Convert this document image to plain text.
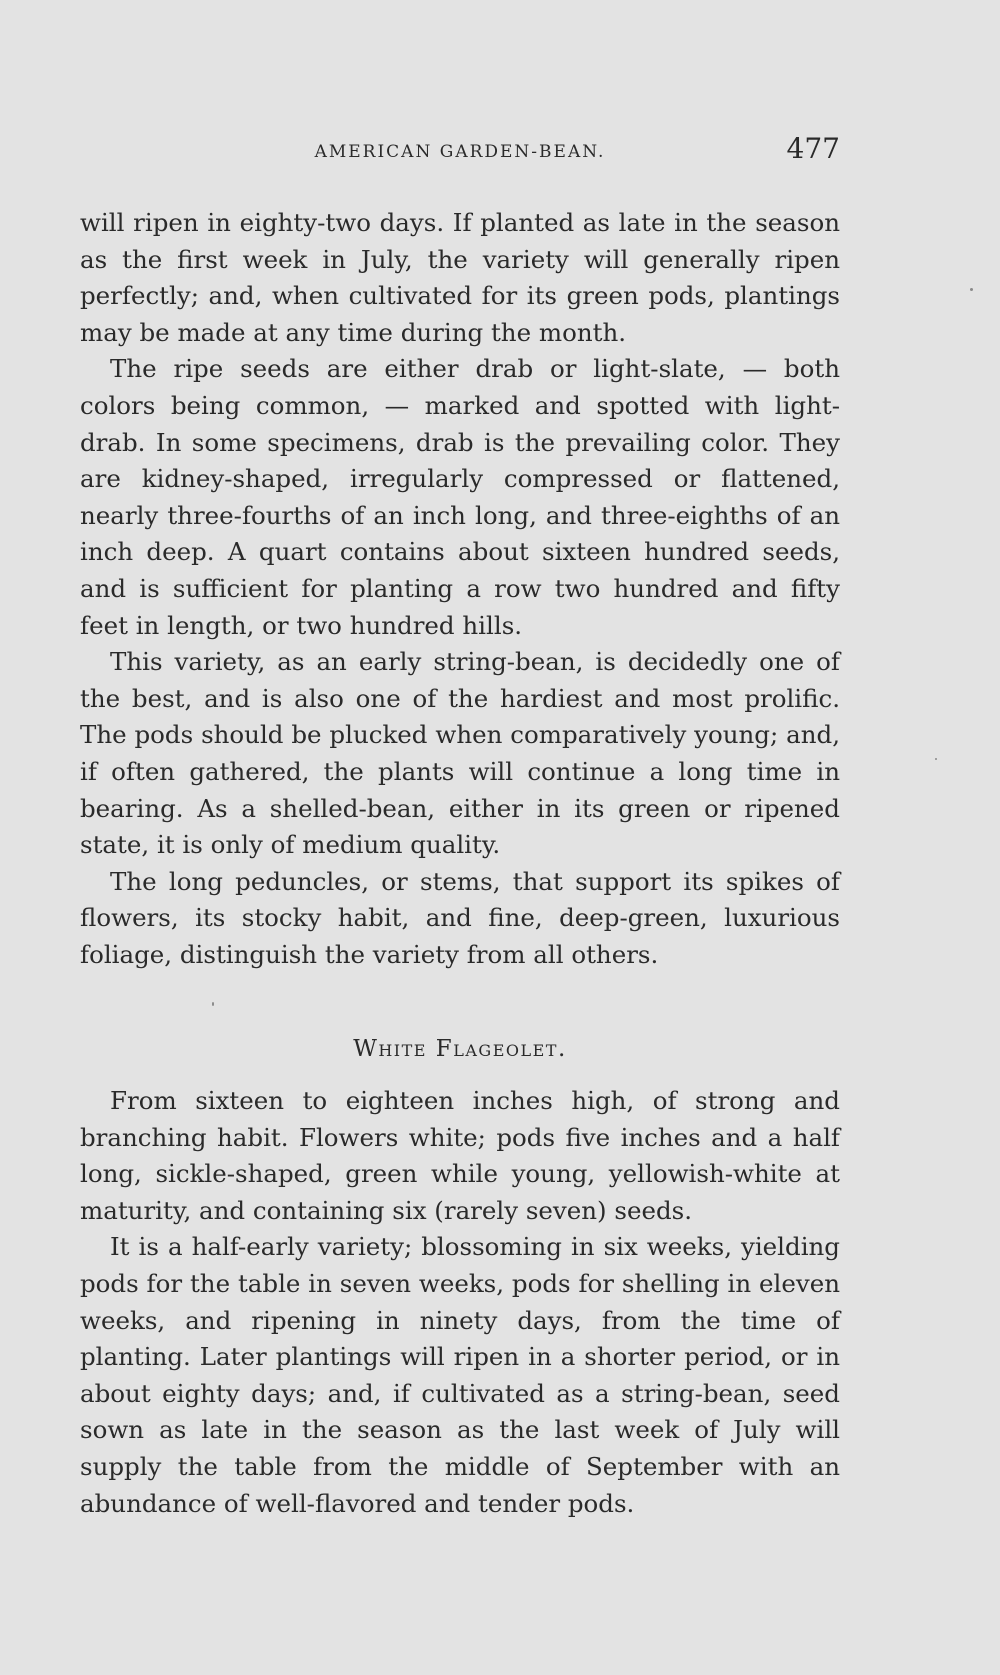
AMERICAN GARDEN-BEAN.	477

will ripen in eighty-two days. If planted as late in the season as the first week in July, the variety will generally ripen perfectly; and, when cultivated for its green pods, plantings may be made at any time during the month.

The ripe seeds are either drab or light-slate, — both colors being common, — marked and spotted with light-drab. In some specimens, drab is the prevailing color. They are kidney-shaped, irregularly compressed or flattened, nearly three-fourths of an inch long, and three-eighths of an inch deep. A quart contains about sixteen hundred seeds, and is sufficient for planting a row two hundred and fifty feet in length, or two hundred hills.

This variety, as an early string-bean, is decidedly one of the best, and is also one of the hardiest and most prolific. The pods should be plucked when comparatively young; and, if often gathered, the plants will continue a long time in bearing. As a shelled-bean, either in its green or ripened state, it is only of medium quality.

The long peduncles, or stems, that support its spikes of flowers, its stocky habit, and fine, deep-green, luxurious foliage, distinguish the variety from all others.

White Flageolet.

From sixteen to eighteen inches high, of strong and branching habit. Flowers white; pods five inches and a half long, sickle-shaped, green while young, yellowish-white at maturity, and containing six (rarely seven) seeds.

It is a half-early variety; blossoming in six weeks, yielding pods for the table in seven weeks, pods for shelling in eleven weeks, and ripening in ninety days, from the time of planting. Later plantings will ripen in a shorter period, or in about eighty days; and, if cultivated as a string-bean, seed sown as late in the season as the last week of July will supply the table from the middle of September with an abundance of well-flavored and tender pods.
